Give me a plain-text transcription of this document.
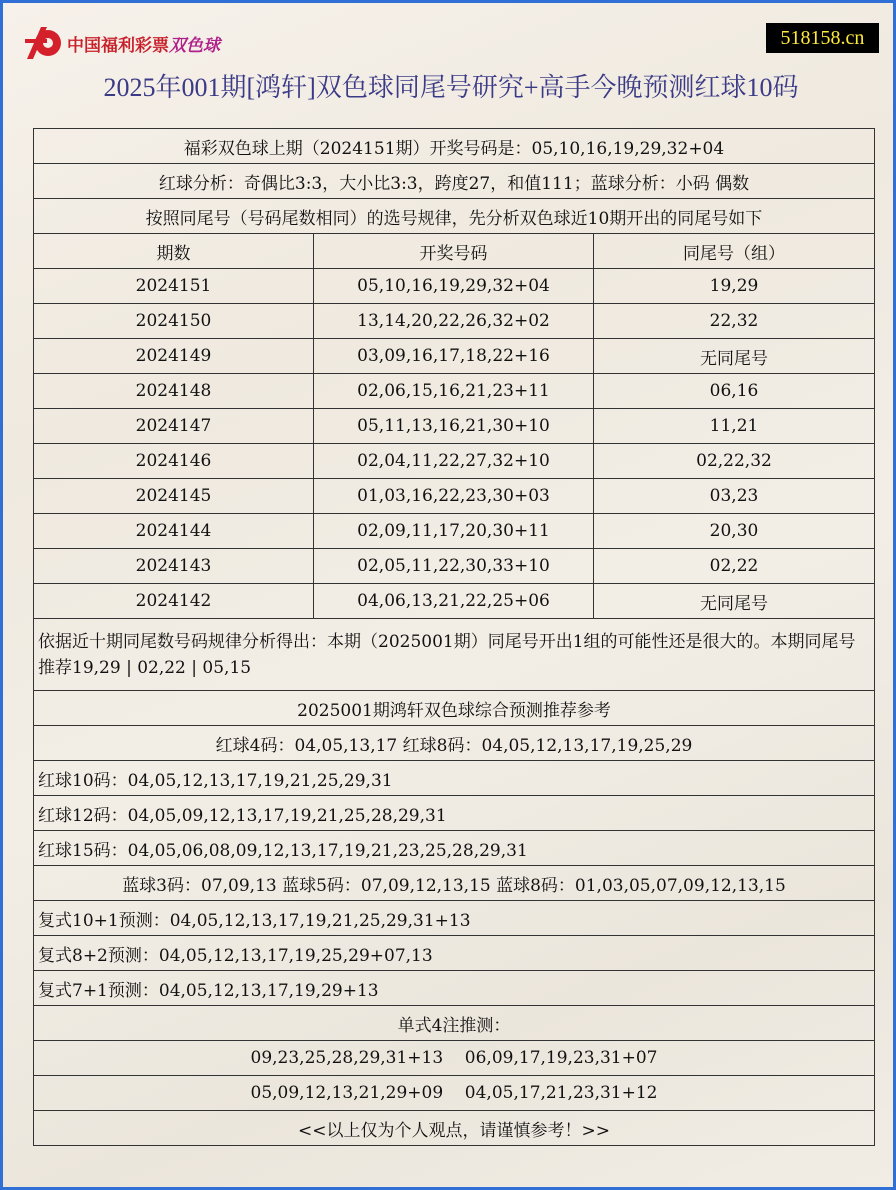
中国福利彩票双色球	518158.cn
2025年001期[鸿轩]双色球同尾号研究+高手今晚预测红球10码
福彩双色球上期（2024151期）开奖号码是：05,10,16,19,29,32+04		
红球分析：奇偶比3:3，大小比3:3，跨度27，和值111；蓝球分析：小码 偶数		
按照同尾号（号码尾数相同）的选号规律，先分析双色球近10期开出的同尾号如下		
期数	开奖号码	同尾号（组）
2024151	05,10,16,19,29,32+04	19,29
2024150	13,14,20,22,26,32+02	22,32
2024149	03,09,16,17,18,22+16	无同尾号
2024148	02,06,15,16,21,23+11	06,16
2024147	05,11,13,16,21,30+10	11,21
2024146	02,04,11,22,27,32+10	02,22,32
2024145	01,03,16,22,23,30+03	03,23
2024144	02,09,11,17,20,30+11	20,30
2024143	02,05,11,22,30,33+10	02,22
2024142	04,06,13,21,22,25+06	无同尾号
依据近十期同尾数号码规律分析得出：本期（2025001期）同尾号开出1组的可能性还是很大的。本期同尾号推荐19,29 | 02,22 | 05,15		
2025001期鸿轩双色球综合预测推荐参考		
红球4码：04,05,13,17 红球8码：04,05,12,13,17,19,25,29		
红球10码：04,05,12,13,17,19,21,25,29,31		
红球12码：04,05,09,12,13,17,19,21,25,28,29,31		
红球15码：04,05,06,08,09,12,13,17,19,21,23,25,28,29,31		
蓝球3码：07,09,13 蓝球5码：07,09,12,13,15 蓝球8码：01,03,05,07,09,12,13,15		
复式10+1预测：04,05,12,13,17,19,21,25,29,31+13		
复式8+2预测：04,05,12,13,17,19,25,29+07,13		
复式7+1预测：04,05,12,13,17,19,29+13		
单式4注推测：		
09,23,25,28,29,31+13    06,09,17,19,23,31+07		
05,09,12,13,21,29+09    04,05,17,21,23,31+12		
<<以上仅为个人观点，请谨慎参考！>>		
